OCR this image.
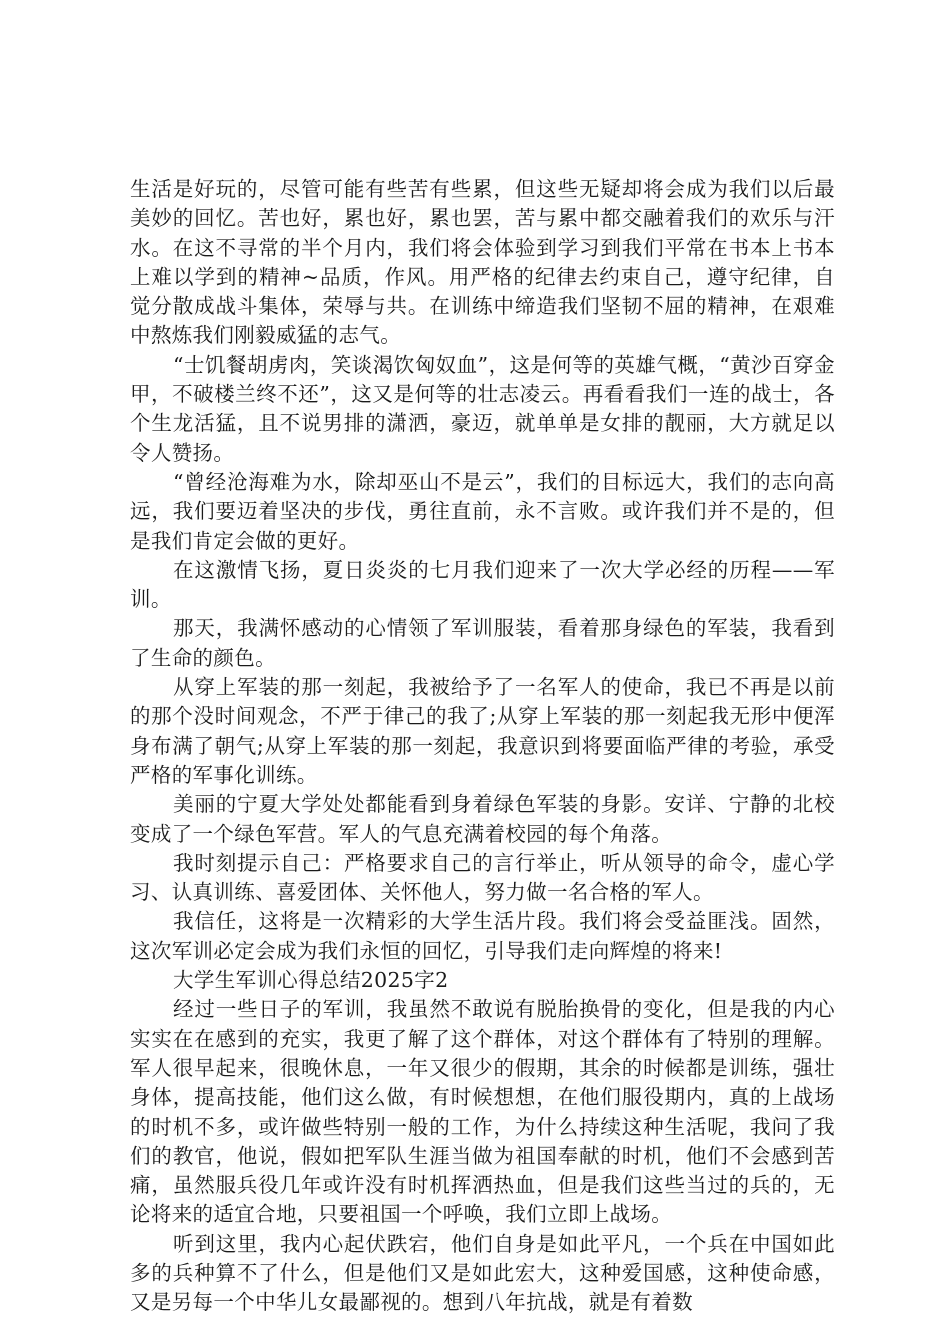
生活是好玩的，尽管可能有些苦有些累，但这些无疑却将会成为我们以后最美妙的回忆。苦也好，累也好，累也罢，苦与累中都交融着我们的欢乐与汗水。在这不寻常的半个月内，我们将会体验到学习到我们平常在书本上书本上难以学到的精神~品质，作风。用严格的纪律去约束自己，遵守纪律，自觉分散成战斗集体，荣辱与共。在训练中缔造我们坚韧不屈的精神，在艰难中熬炼我们刚毅威猛的志气。

“士饥餐胡虏肉，笑谈渴饮匈奴血”，这是何等的英雄气概，“黄沙百穿金甲，不破楼兰终不还”，这又是何等的壮志凌云。再看看我们一连的战士，各个生龙活猛，且不说男排的潇洒，豪迈，就单单是女排的靓丽，大方就足以令人赞扬。

“曾经沧海难为水，除却巫山不是云”，我们的目标远大，我们的志向高远，我们要迈着坚决的步伐，勇往直前，永不言败。或许我们并不是的，但是我们肯定会做的更好。

在这激情飞扬，夏日炎炎的七月我们迎来了一次大学必经的历程——军训。

那天，我满怀感动的心情领了军训服装，看着那身绿色的军装，我看到了生命的颜色。

从穿上军装的那一刻起，我被给予了一名军人的使命，我已不再是以前的那个没时间观念，不严于律己的我了;从穿上军装的那一刻起我无形中便浑身布满了朝气;从穿上军装的那一刻起，我意识到将要面临严律的考验，承受严格的军事化训练。

美丽的宁夏大学处处都能看到身着绿色军装的身影。安详、宁静的北校变成了一个绿色军营。军人的气息充满着校园的每个角落。

我时刻提示自己：严格要求自己的言行举止，听从领导的命令，虚心学习、认真训练、喜爱团体、关怀他人，努力做一名合格的军人。

我信任，这将是一次精彩的大学生活片段。我们将会受益匪浅。固然，这次军训必定会成为我们永恒的回忆，引导我们走向辉煌的将来!

大学生军训心得总结2025字2

经过一些日子的军训，我虽然不敢说有脱胎换骨的变化，但是我的内心实实在在感到的充实，我更了解了这个群体，对这个群体有了特别的理解。军人很早起来，很晚休息，一年又很少的假期，其余的时候都是训练，强壮身体，提高技能，他们这么做，有时候想想，在他们服役期内，真的上战场的时机不多，或许做些特别一般的工作，为什么持续这种生活呢，我问了我们的教官，他说，假如把军队生涯当做为祖国奉献的时机，他们不会感到苦痛，虽然服兵役几年或许没有时机挥洒热血，但是我们这些当过的兵的，无论将来的适宜合地，只要祖国一个呼唤，我们立即上战场。

听到这里，我内心起伏跌宕，他们自身是如此平凡，一个兵在中国如此多的兵种算不了什么，但是他们又是如此宏大，这种爱国感，这种使命感，又是另每一个中华儿女最鄙视的。想到八年抗战，就是有着数
